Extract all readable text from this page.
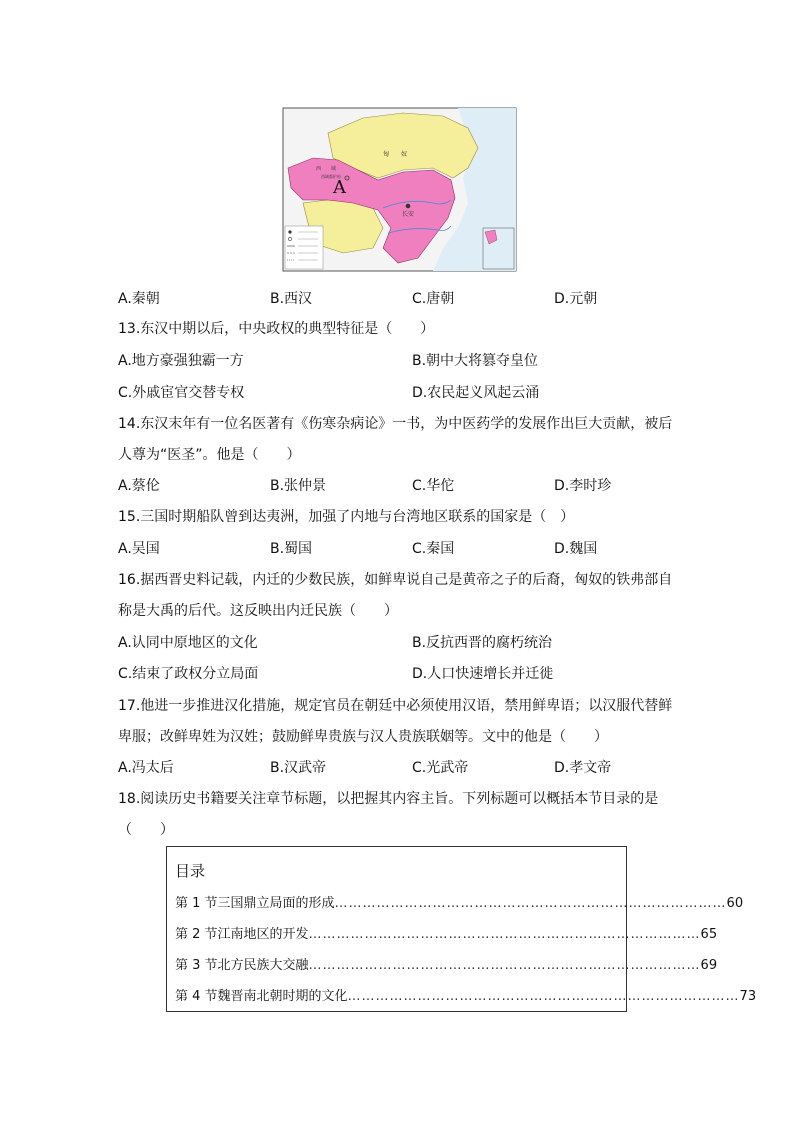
A
匈　　奴
西　　域
西域都护府
长安
A.秦朝	B.西汉	C.唐朝	D.元朝
13.东汉中期以后，中央政权的典型特征是（　　）
A.地方豪强独霸一方	B.朝中大将篡夺皇位
C.外戚宦官交替专权	D.农民起义风起云涌
14.东汉末年有一位名医著有《伤寒杂病论》一书，为中医药学的发展作出巨大贡献，被后
人尊为“医圣”。他是（　　）
A.蔡伦	B.张仲景	C.华佗	D.李时珍
15.三国时期船队曾到达夷洲，加强了内地与台湾地区联系的国家是（　）
A.吴国	B.蜀国	C.秦国	D.魏国
16.据西晋史料记载，内迁的少数民族，如鲜卑说自己是黄帝之子的后裔，匈奴的铁弗部自
称是大禹的后代。这反映出内迁民族（　　）
A.认同中原地区的文化	B.反抗西晋的腐朽统治
C.结束了政权分立局面	D.人口快速增长并迁徙
17.他进一步推进汉化措施，规定官员在朝廷中必须使用汉语，禁用鲜卑语；以汉服代替鲜
卑服；改鲜卑姓为汉姓；鼓励鲜卑贵族与汉人贵族联姻等。文中的他是（　　）
A.冯太后	B.汉武帝	C.光武帝	D.孝文帝
18.阅读历史书籍要关注章节标题，以把握其内容主旨。下列标题可以概括本节目录的是
（　　）
目录
第 1 节三国鼎立局面的形成 ………………………………………………………………………… 60
第 2 节江南地区的开发 ………………………………………………………………………… 65
第 3 节北方民族大交融 ………………………………………………………………………… 69
第 4 节魏晋南北朝时期的文化 ………………………………………………………………………… 73
